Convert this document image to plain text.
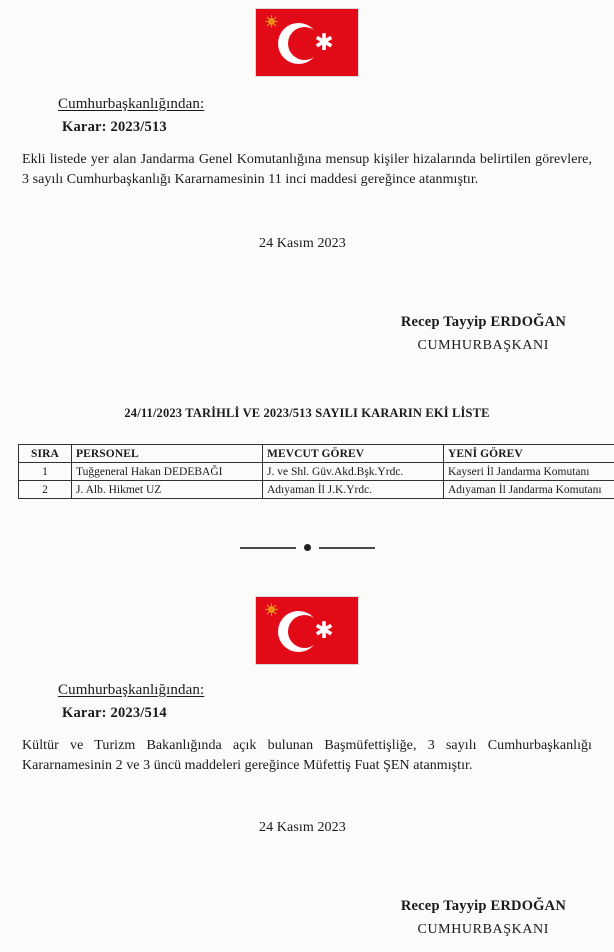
✱
Cumhurbaşkanlığından:
Karar: 2023/513
Ekli listede yer alan Jandarma Genel Komutanlığına mensup kişiler hizalarında belirtilen görevlere, 3 sayılı Cumhurbaşkanlığı Kararnamesinin 11 inci maddesi gereğince atanmıştır.
24 Kasım 2023
Recep Tayyip ERDOĞAN
CUMHURBAŞKANI
24/11/2023 TARİHLİ VE 2023/513 SAYILI KARARIN EKİ LİSTE
SIRA	PERSONEL	MEVCUT GÖREV	YENİ GÖREV
1	Tuğgeneral Hakan DEDEBAĞI	J. ve Shl. Güv.Akd.Bşk.Yrdc.	Kayseri İl Jandarma Komutanı
2	J. Alb. Hikmet UZ	Adıyaman İl J.K.Yrdc.	Adıyaman İl Jandarma Komutanı
✱
Cumhurbaşkanlığından:
Karar: 2023/514
Kültür ve Turizm Bakanlığında açık bulunan Başmüfettişliğe, 3 sayılı Cumhurbaşkanlığı Kararnamesinin 2 ve 3 üncü maddeleri gereğince Müfettiş Fuat ŞEN atanmıştır.
24 Kasım 2023
Recep Tayyip ERDOĞAN
CUMHURBAŞKANI
